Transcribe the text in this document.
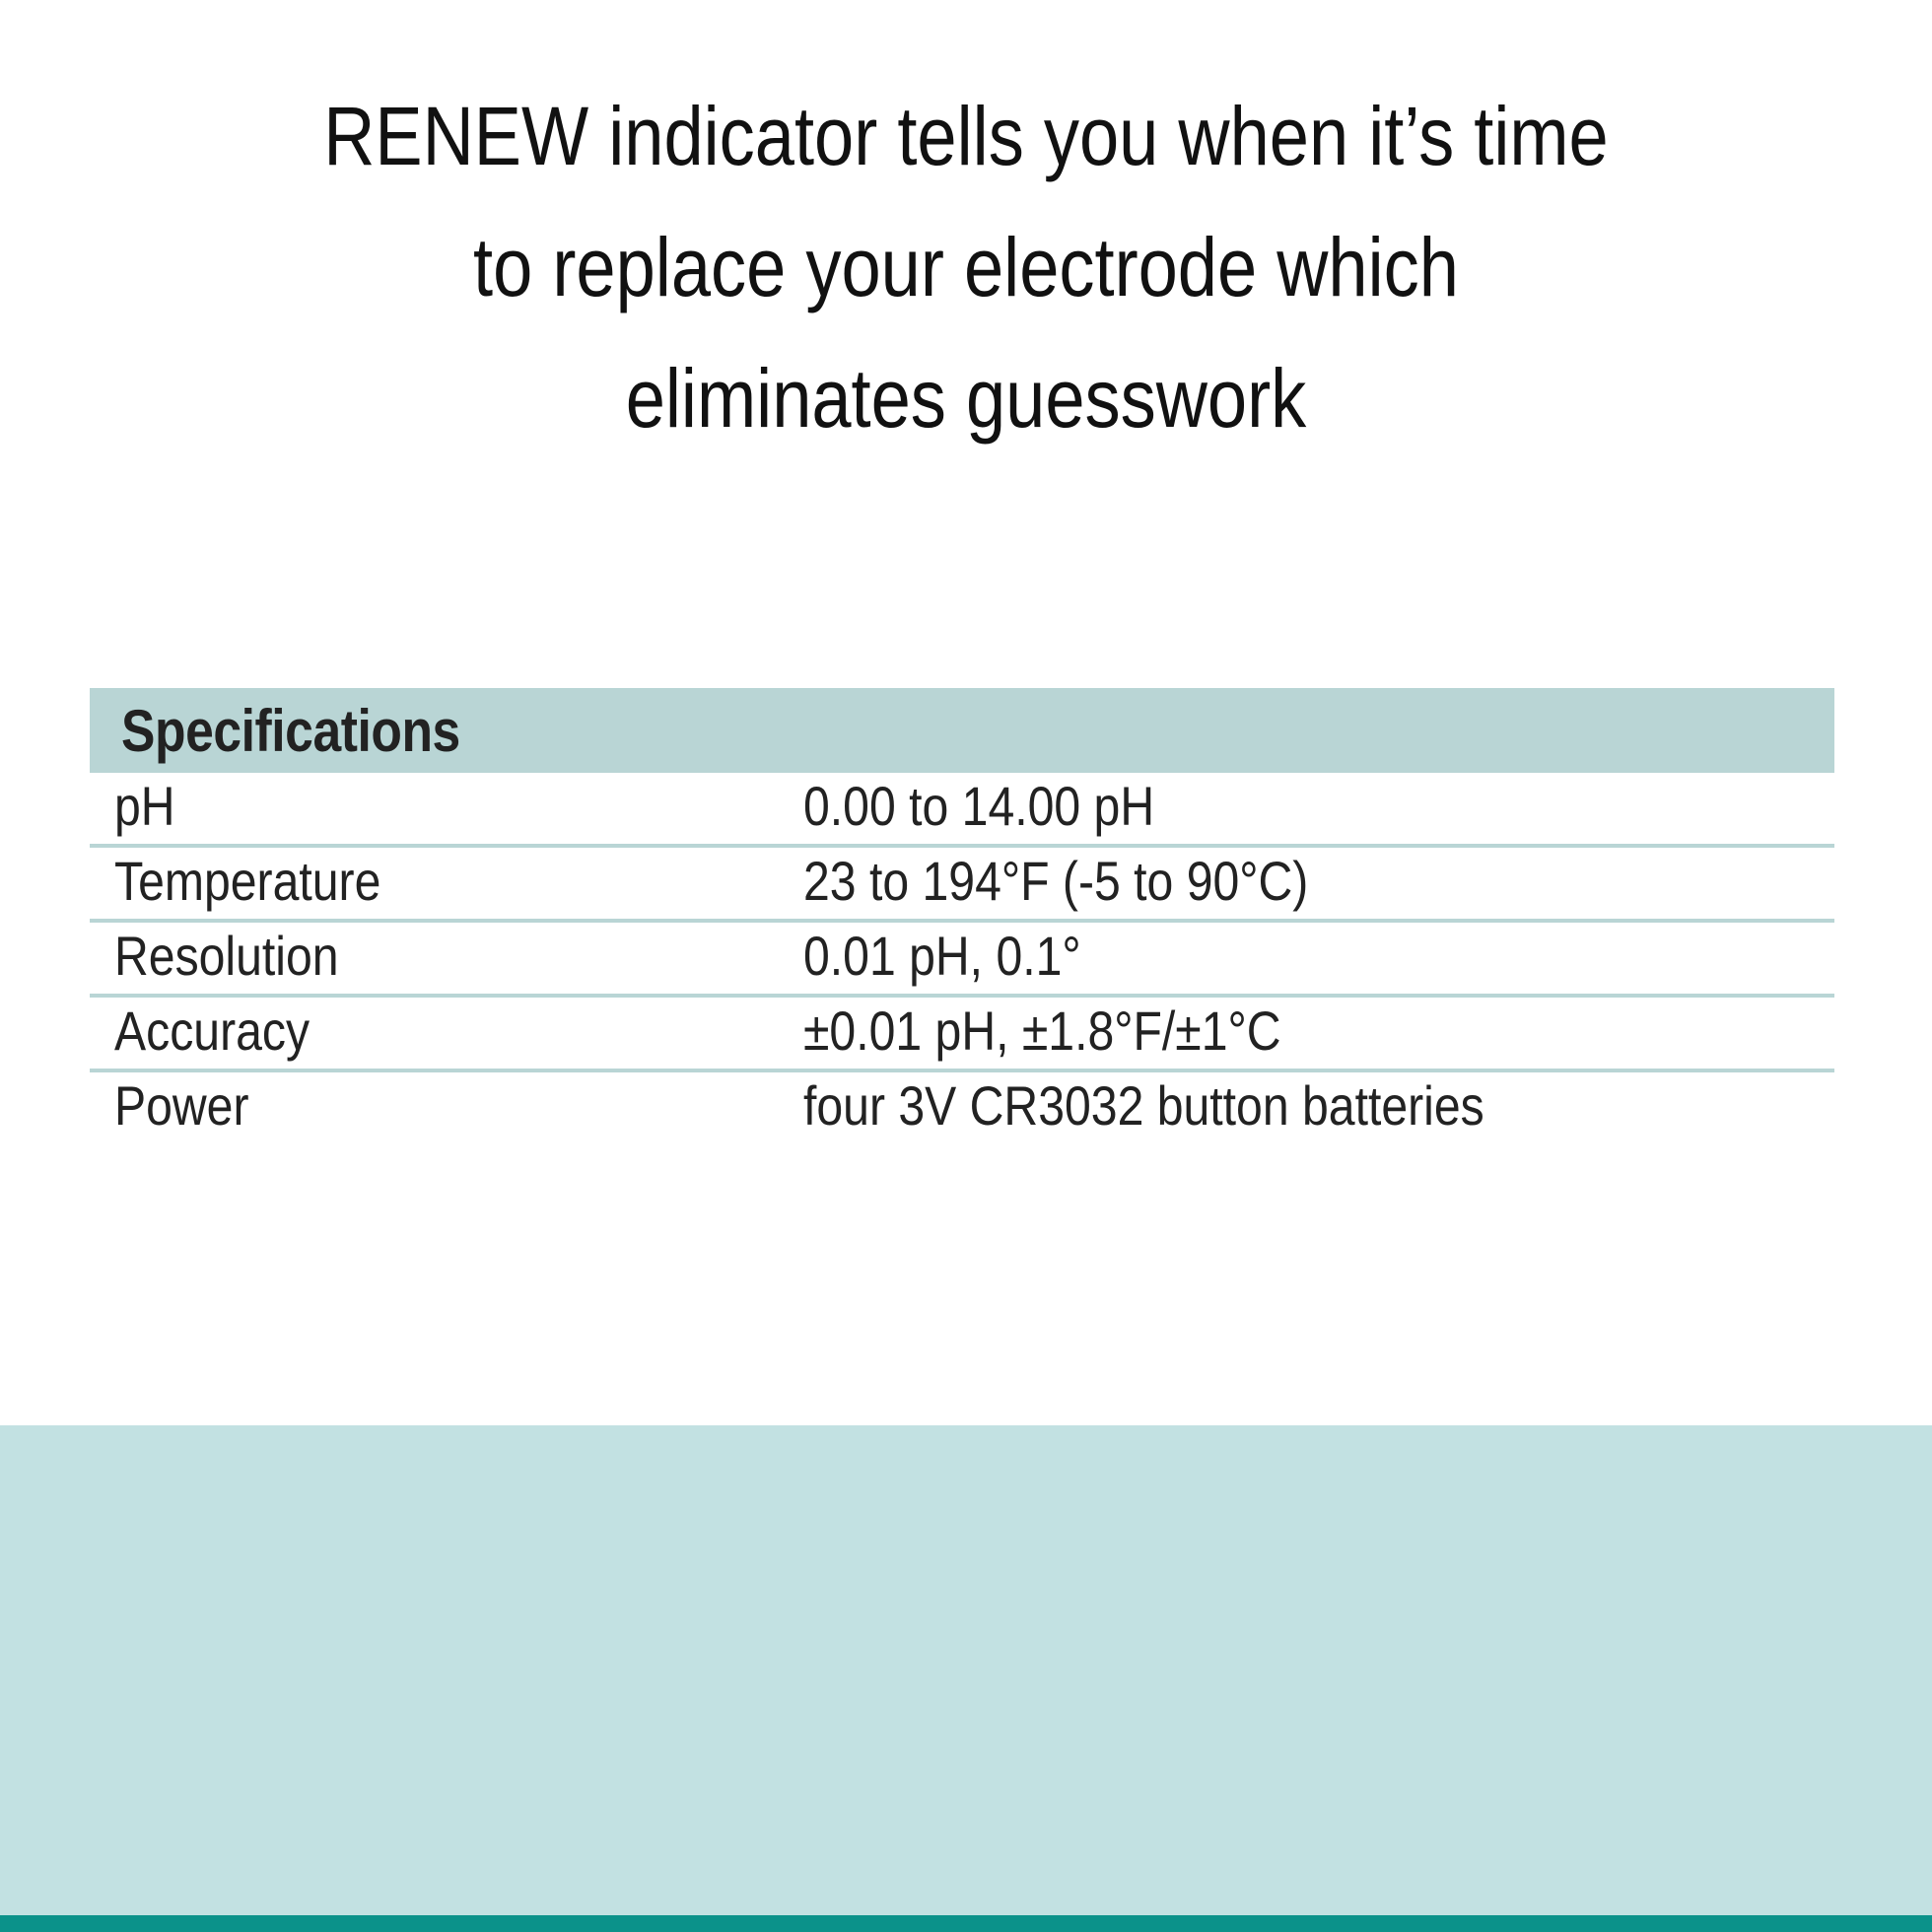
RENEW indicator tells you when it’s time
to replace your electrode which
eliminates guesswork
Specifications
pH	0.00 to 14.00 pH
Temperature	23 to 194°F (-5 to 90°C)
Resolution	0.01 pH, 0.1°
Accuracy	±0.01 pH, ±1.8°F/±1°C
Power	four 3V CR3032 button batteries
